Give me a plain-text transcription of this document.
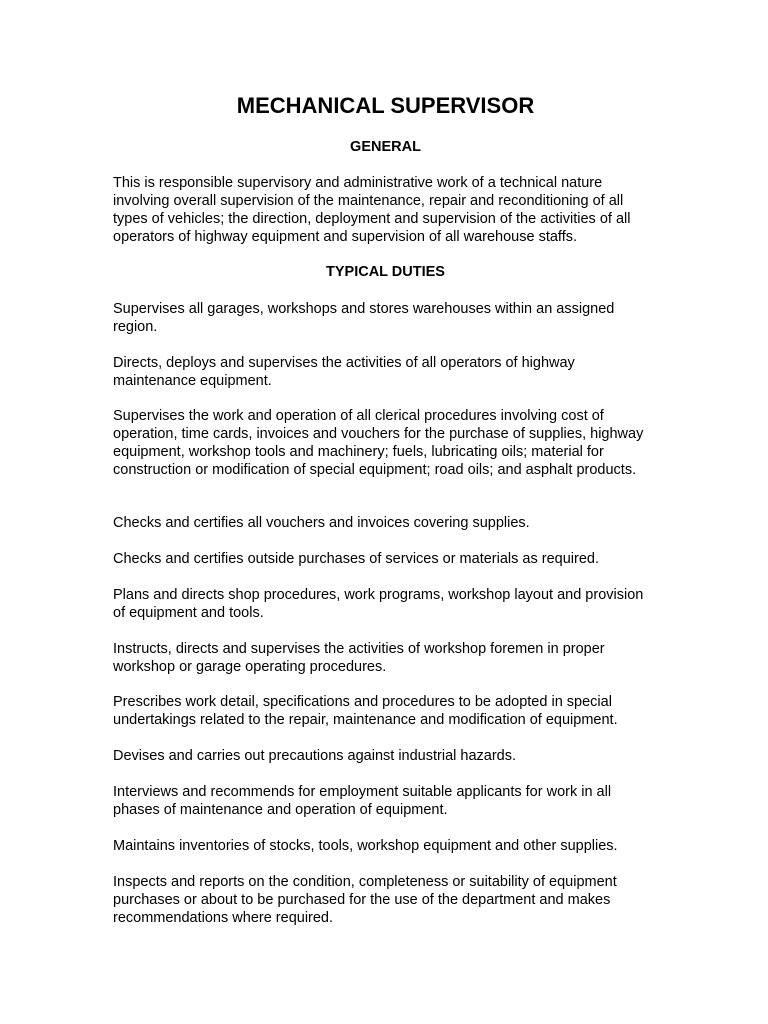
MECHANICAL SUPERVISOR
GENERAL

This is responsible supervisory and administrative work of a technical nature involving overall supervision of the maintenance, repair and reconditioning of all types of vehicles; the direction, deployment and supervision of the activities of all operators of highway equipment and supervision of all warehouse staffs.

TYPICAL DUTIES

Supervises all garages, workshops and stores warehouses within an assigned region.

Directs, deploys and supervises the activities of all operators of highway maintenance equipment.

Supervises the work and operation of all clerical procedures involving cost of operation, time cards, invoices and vouchers for the purchase of supplies, highway equipment, workshop tools and machinery; fuels, lubricating oils; material for construction or modification of special equipment; road oils; and asphalt products.

Checks and certifies all vouchers and invoices covering supplies.

Checks and certifies outside purchases of services or materials as required.

Plans and directs shop procedures, work programs, workshop layout and provision of equipment and tools.

Instructs, directs and supervises the activities of workshop foremen in proper workshop or garage operating procedures.

Prescribes work detail, specifications and procedures to be adopted in special undertakings related to the repair, maintenance and modification of equipment.

Devises and carries out precautions against industrial hazards.

Interviews and recommends for employment suitable applicants for work in all phases of maintenance and operation of equipment.

Maintains inventories of stocks, tools, workshop equipment and other supplies.

Inspects and reports on the condition, completeness or suitability of equipment purchases or about to be purchased for the use of the department and makes recommendations where required.
